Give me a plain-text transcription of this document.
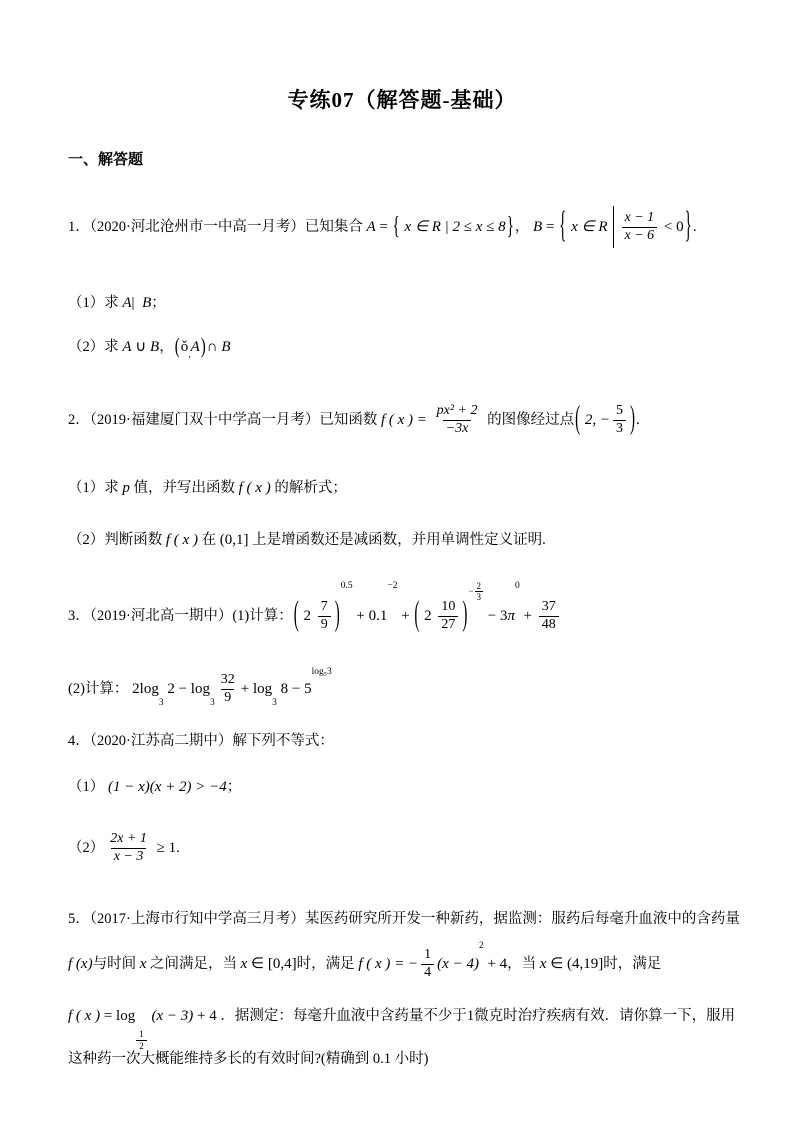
专练07（解答题-基础）
一、解答题
1．（2020·河北沧州市一中高一月考）已知集合 A = { x ∈ R | 2 ≤ x ≤ 8 } ， B = { x ∈ R $\frac{x - 1}{x - 6} < 0$ } .
（1）求 A | B ；
（2）求 A ∪ B ， ( $ǒ_,$ A ) ∩ B
2．（2019·福建厦门双十中学高一月考）已知函数 f ( x ) = $\frac{\text{px² + 2}}{-3x}$ 的图像经过点 ( 2, − $\frac{5}{3}$ ) .
（1）求 p 值，并写出函数 f ( x ) 的解析式；
（2）判断函数 f ( x ) 在 (0,1] 上是增函数还是减函数，并用单调性定义证明.
3．（2019·河北高一期中）(1)计算： ( $2 \frac{7}{9}$ )
0.5
+ 0.1
−2
+ ( $2 \frac{10}{27}$ )
− $\frac{2}{3}$
− 3 π
0
+ $\frac{37}{48}$
(2)计算： 2log
$_3$
2 − log
$_3 \frac{32}{9} + \log$
$_3$
8 − 5
log₅3
4．（2020·江苏高二期中）解下列不等式：
（1） (1 − x)(x + 2) > −4 ；
$(2) \frac{2x + 1}{x - 3} \ge 1$.
5．（2017·上海市行知中学高三月考）某医药研究所开发一种新药，据监测：服药后每毫升血液中的含药量
f (x) 与时间 x 之间满足，当 x ∈ [0,4] 时，满足 f ( x ) = − $\frac{1}{4} (x - 4)$
2
+ 4 ，当 x ∈ (4,19] 时，满足
f ( x ) = log
$\frac{1}{2}$
(x − 3) + 4 ．据测定：每毫升血液中含药量不少于1微克时治疗疾病有效．请你算一下，服用
这种药一次大概能维持多长的有效时间?(精确到 0.1 小时)
